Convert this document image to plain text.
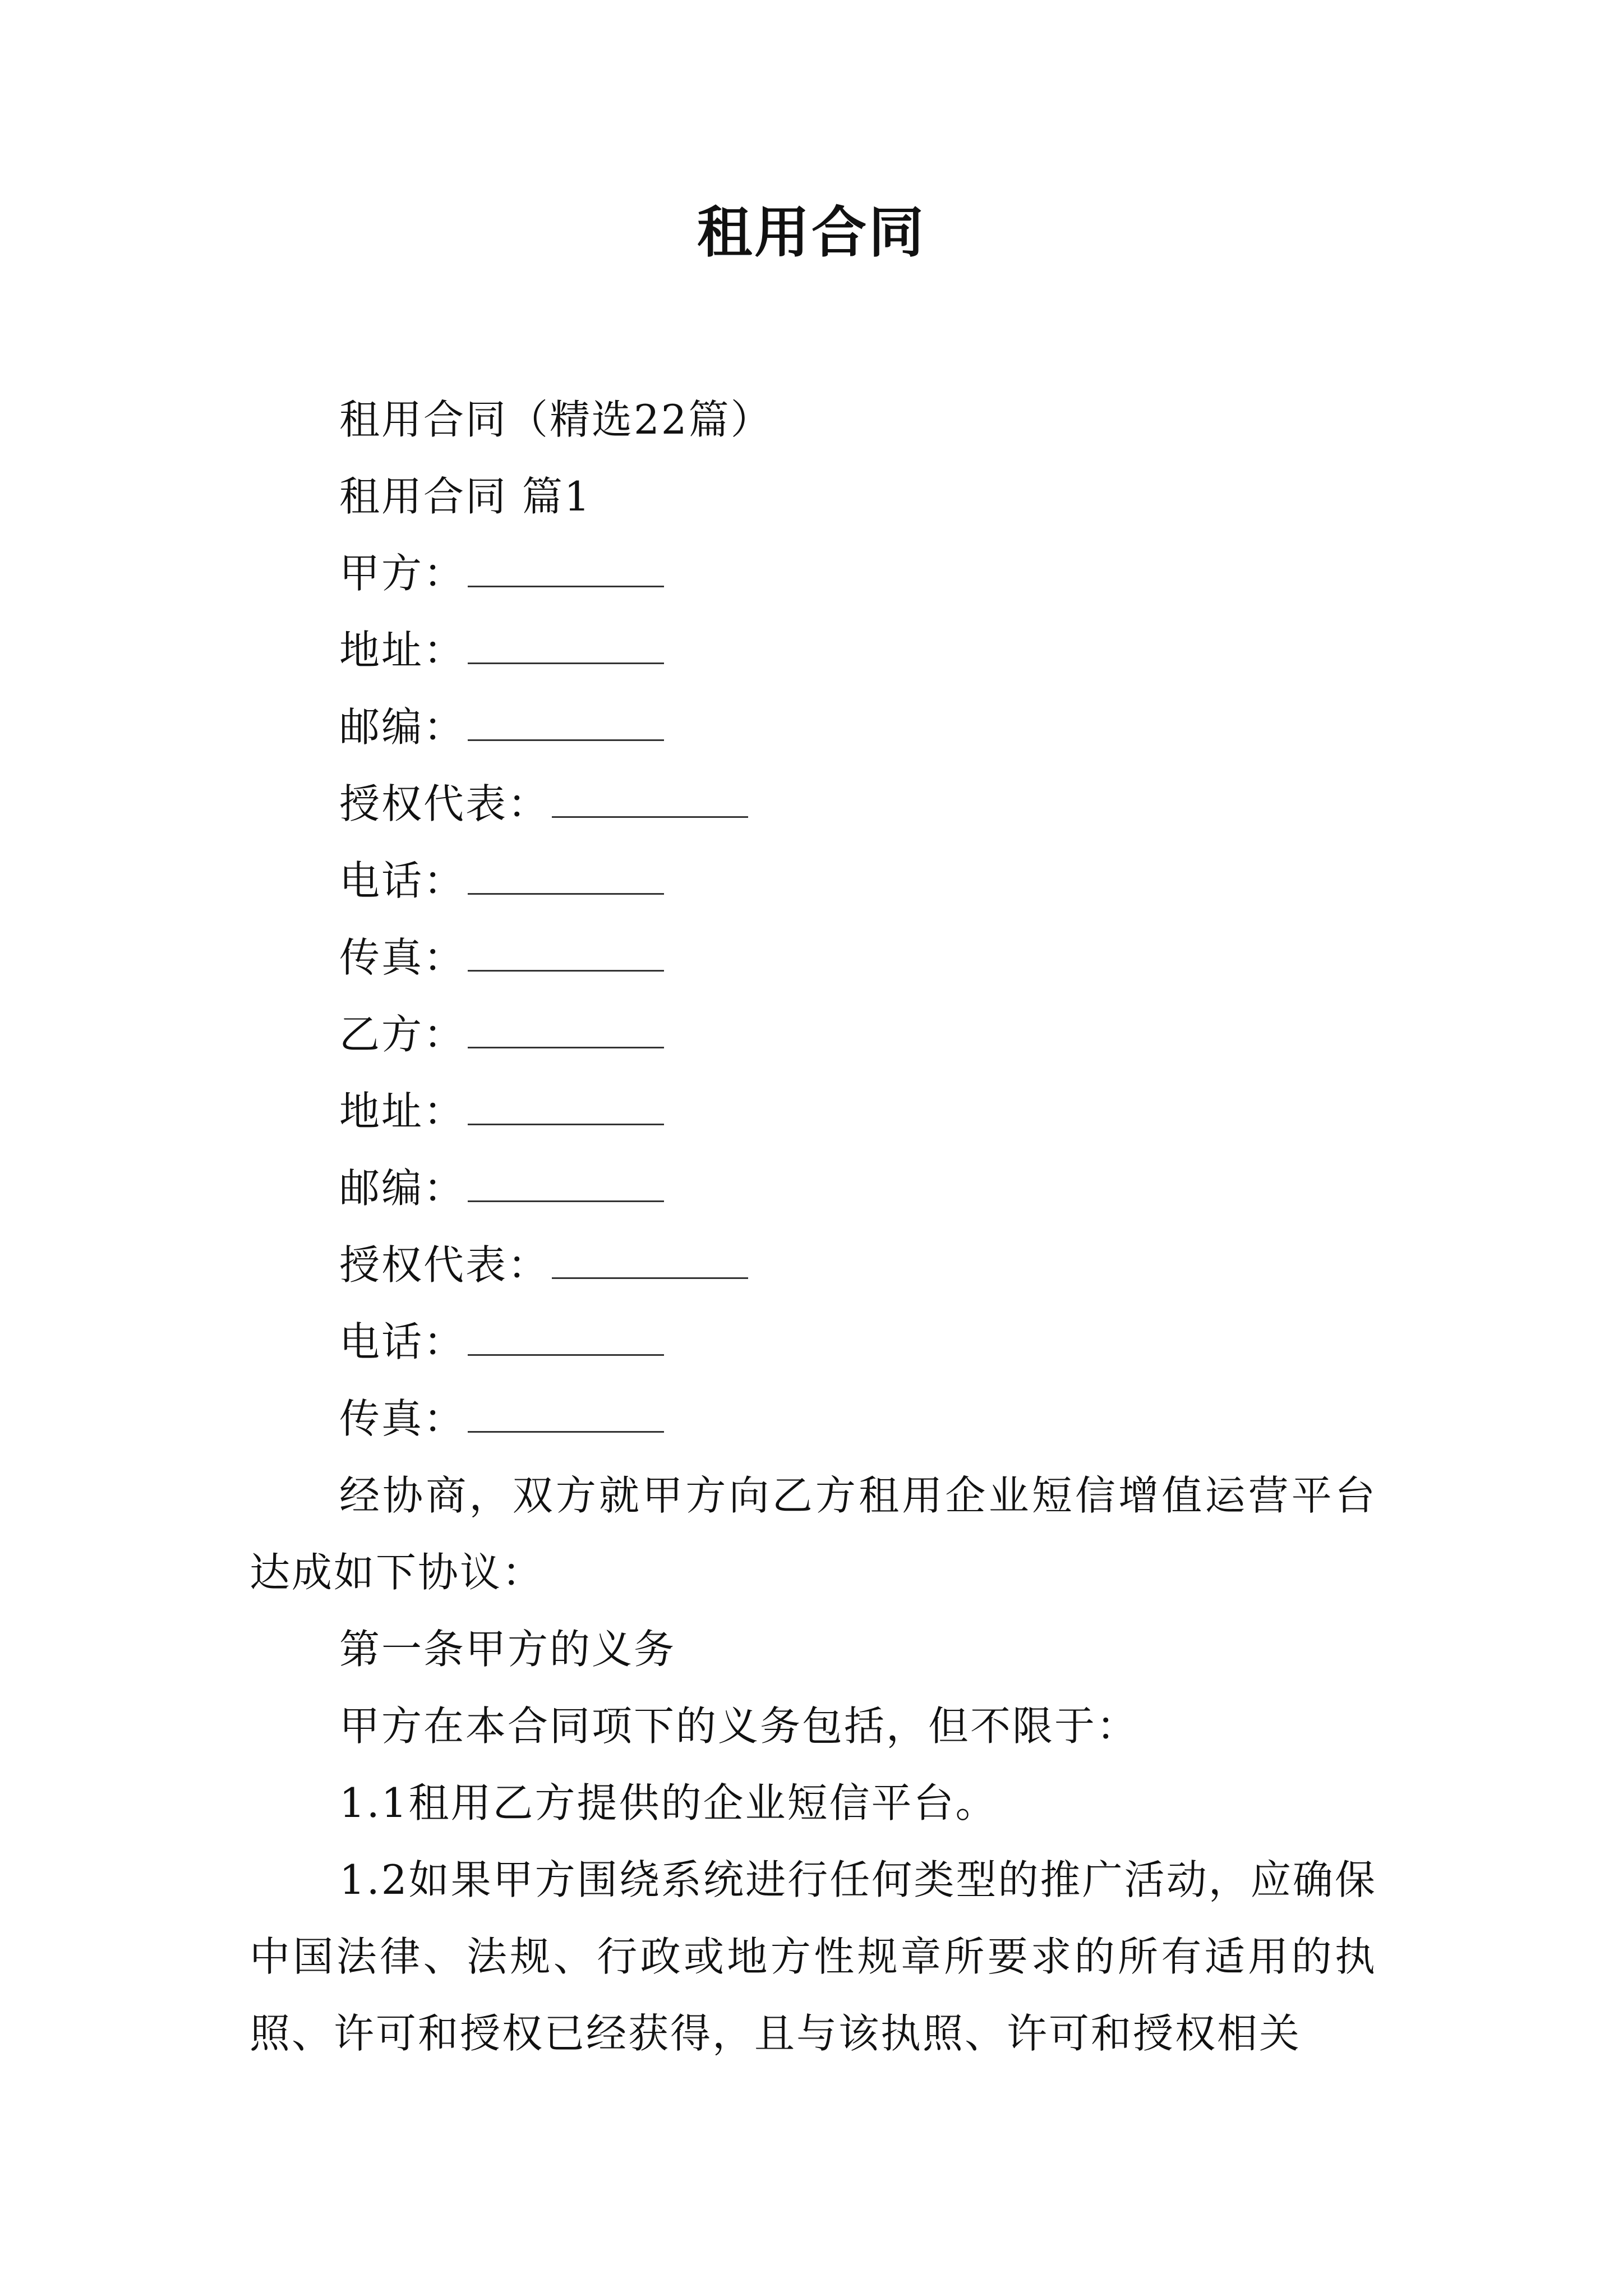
租用合同
租用合同（精选22篇）
租用合同 篇1
甲方：
地址：
邮编：
授权代表：
电话：
传真：
乙方：
地址：
邮编：
授权代表：
电话：
传真：

经协商，双方就甲方向乙方租用企业短信增值运营平台达成如下协议：

第一条甲方的义务

甲方在本合同项下的义务包括，但不限于：

1.1租用乙方提供的企业短信平台。

1.2如果甲方围绕系统进行任何类型的推广活动，应确保中国法律、法规、行政或地方性规章所要求的所有适用的执照、许可和授权已经获得，且与该执照、许可和授权相关
